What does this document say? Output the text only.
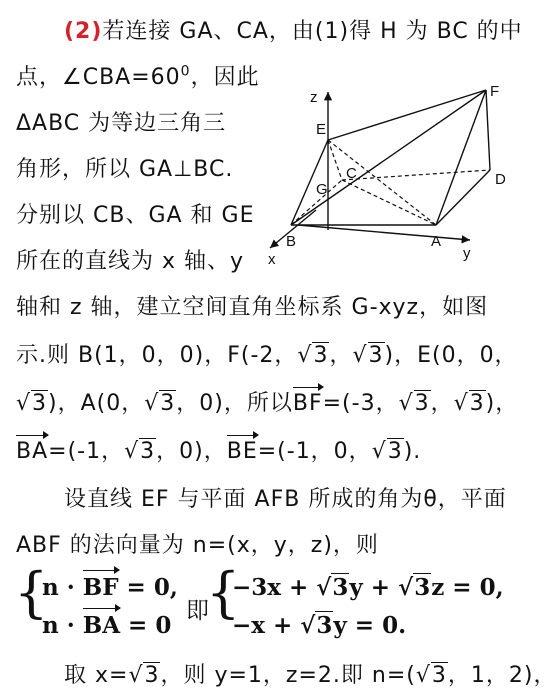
(2)若连接 GA、CA，由(1)得 H 为 BC 的中
点，$\angle CBA=60^0$，因此
ΔABC 为等边三角三
角形，所以 GA⊥BC.
分别以 CB、GA 和 GE
所在的直线为 x 轴、y
轴和 z 轴，建立空间直角坐标系 G-xyz，如图
示.则 B(1，0，0)，F(-2，√3，√3)，E(0，0，
√3)，A(0，√3，0)，所以
BF=(-3，√3，√3)，
BA=(-1，√3，0)，
BE=(-1，0，√3).
设直线 EF 与平面 AFB 所成的角为θ，平面
ABF 的法向量为 n=(x，y，z)，则
{
n ·
BF = 0,
n ·
BA = 0
即
{
−3x + √3y + √3z = 0,
−x + √3y = 0.
取 x=√3，则 y=1，z=2.即 n=(√3，1，2)，
z
E
F
G
C	D
B	A
x	y
